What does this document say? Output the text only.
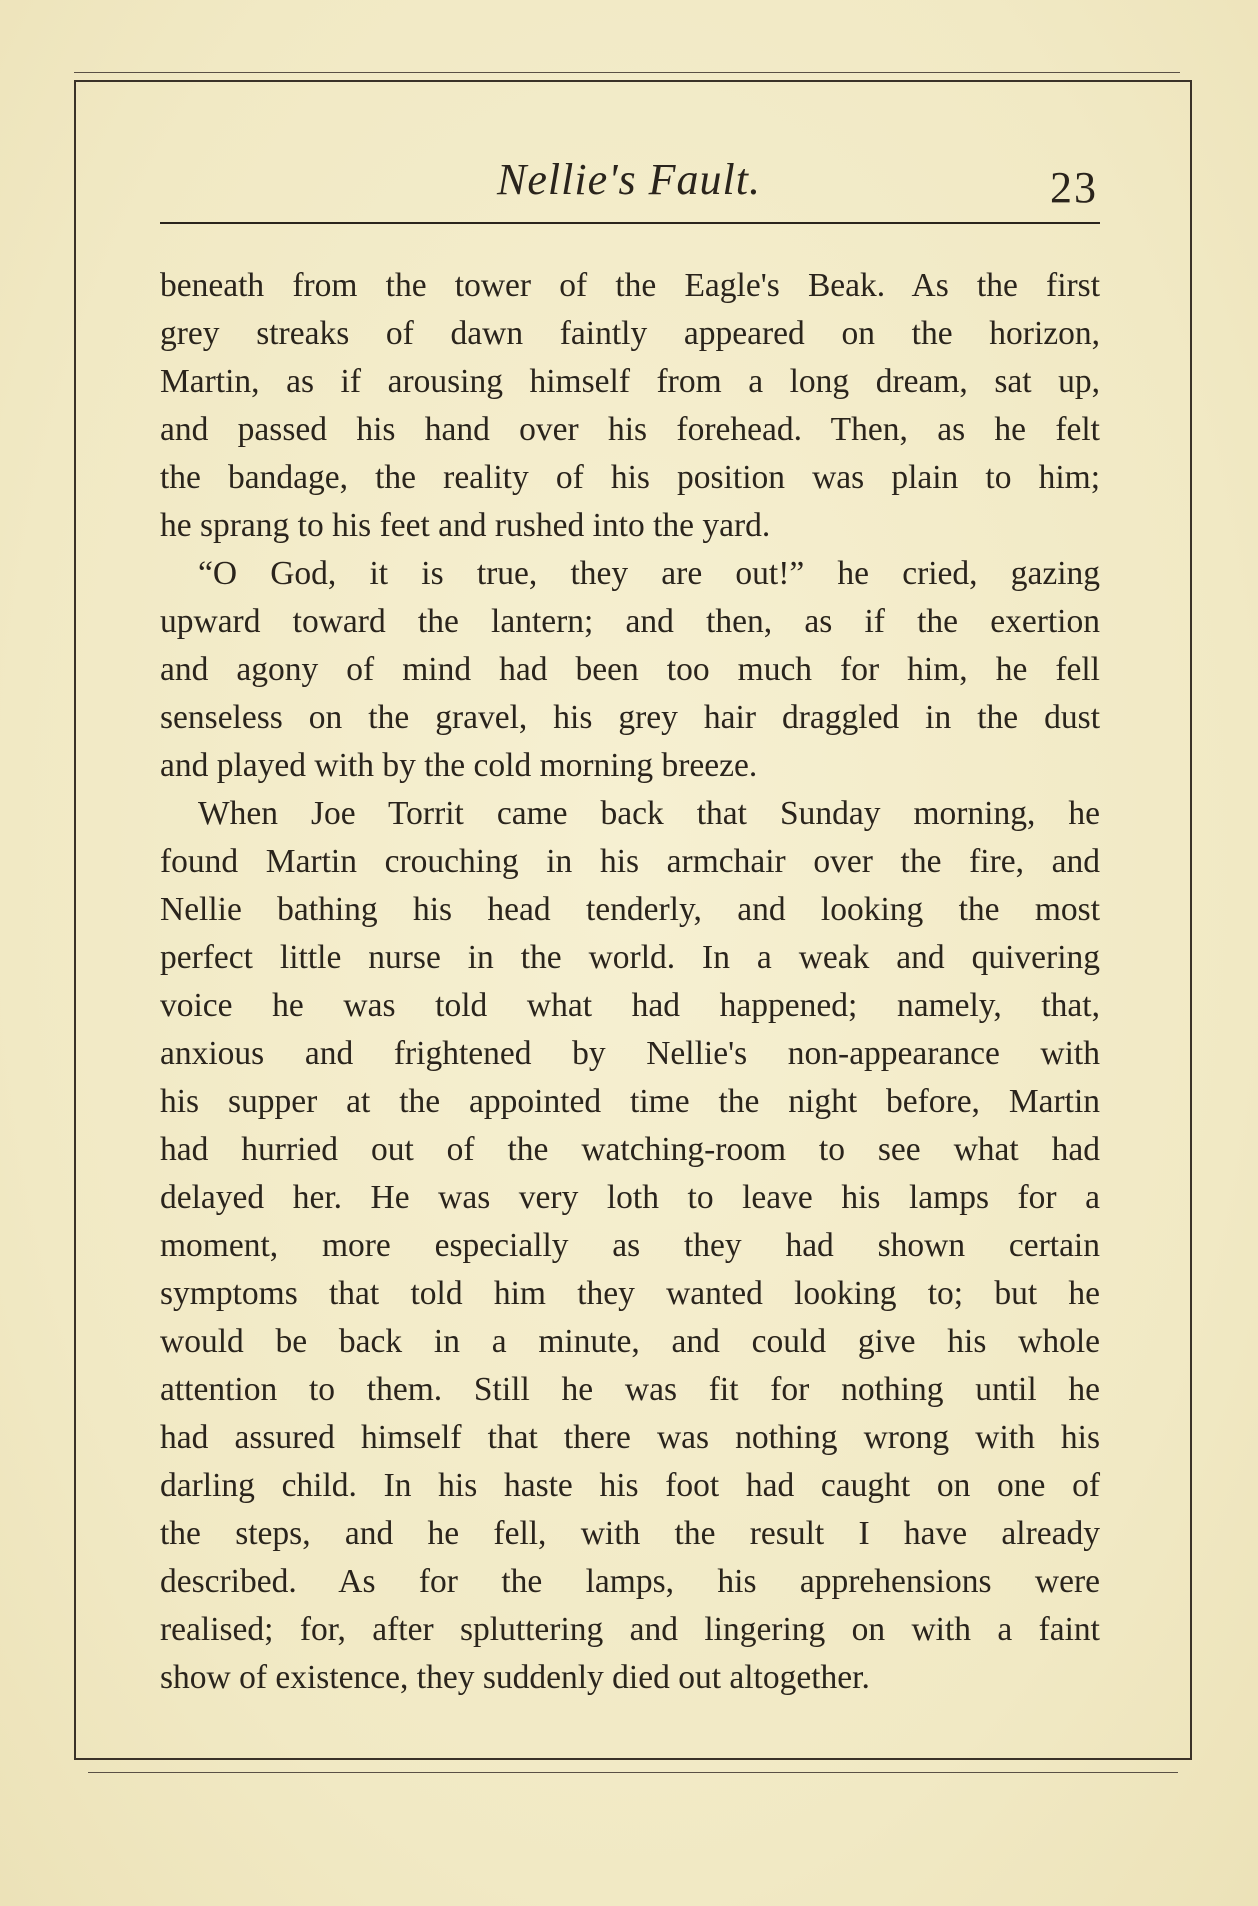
Nellie's Fault.	23
beneath from the tower of the Eagle's Beak. As the first
grey streaks of dawn faintly appeared on the horizon,
Martin, as if arousing himself from a long dream, sat up,
and passed his hand over his forehead. Then, as he felt
the bandage, the reality of his position was plain to him;
he sprang to his feet and rushed into the yard.
“O God, it is true, they are out!” he cried, gazing
upward toward the lantern; and then, as if the exertion
and agony of mind had been too much for him, he fell
senseless on the gravel, his grey hair draggled in the dust
and played with by the cold morning breeze.
When Joe Torrit came back that Sunday morning, he
found Martin crouching in his armchair over the fire, and
Nellie bathing his head tenderly, and looking the most
perfect little nurse in the world. In a weak and quivering
voice he was told what had happened; namely, that,
anxious and frightened by Nellie's non-appearance with
his supper at the appointed time the night before, Martin
had hurried out of the watching-room to see what had
delayed her. He was very loth to leave his lamps for a
moment, more especially as they had shown certain
symptoms that told him they wanted looking to; but he
would be back in a minute, and could give his whole
attention to them. Still he was fit for nothing until he
had assured himself that there was nothing wrong with his
darling child. In his haste his foot had caught on one of
the steps, and he fell, with the result I have already
described. As for the lamps, his apprehensions were
realised; for, after spluttering and lingering on with a faint
show of existence, they suddenly died out altogether.
